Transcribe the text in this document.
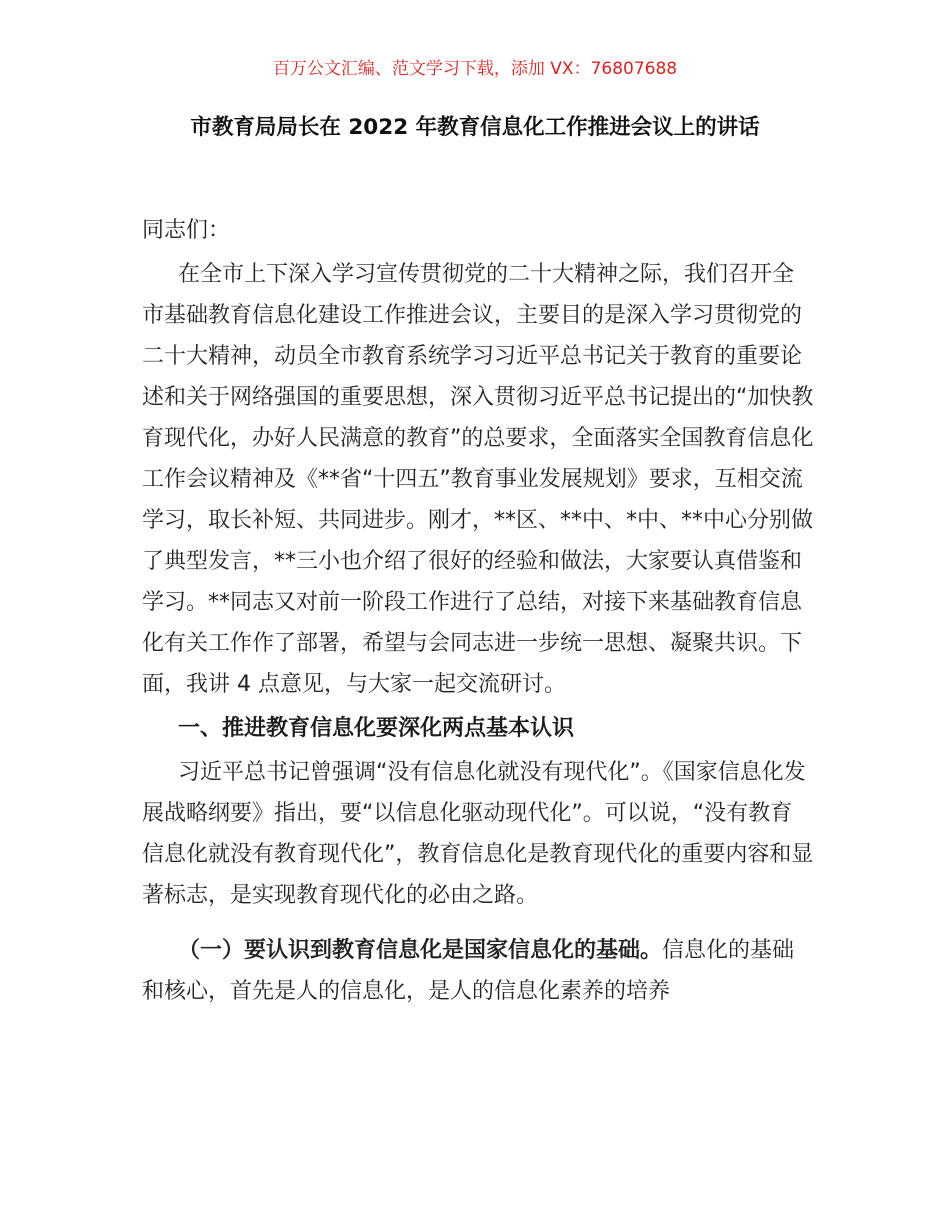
百万公文汇编、范文学习下载，添加 VX：76807688
市教育局局长在 2022 年教育信息化工作推进会议上的讲话

同志们：

在全市上下深入学习宣传贯彻党的二十大精神之际，我们召开全市基础教育信息化建设工作推进会议，主要目的是深入学习贯彻党的二十大精神，动员全市教育系统学习习近平总书记关于教育的重要论述和关于网络强国的重要思想，深入贯彻习近平总书记提出的“加快教育现代化，办好人民满意的教育”的总要求，全面落实全国教育信息化工作会议精神及《**省“十四五”教育事业发展规划》要求，互相交流学习，取长补短、共同进步。刚才，**区、**中、*中、**中心分别做了典型发言，**三小也介绍了很好的经验和做法，大家要认真借鉴和学习。**同志又对前一阶段工作进行了总结，对接下来基础教育信息化有关工作作了部署，希望与会同志进一步统一思想、凝聚共识。下面，我讲 4 点意见，与大家一起交流研讨。

一、推进教育信息化要深化两点基本认识

习近平总书记曾强调“没有信息化就没有现代化”。《国家信息化发展战略纲要》指出，要“以信息化驱动现代化”。可以说，“没有教育信息化就没有教育现代化”，教育信息化是教育现代化的重要内容和显著标志，是实现教育现代化的必由之路。

（一）要认识到教育信息化是国家信息化的基础。信息化的基础和核心，首先是人的信息化，是人的信息化素养的培养
